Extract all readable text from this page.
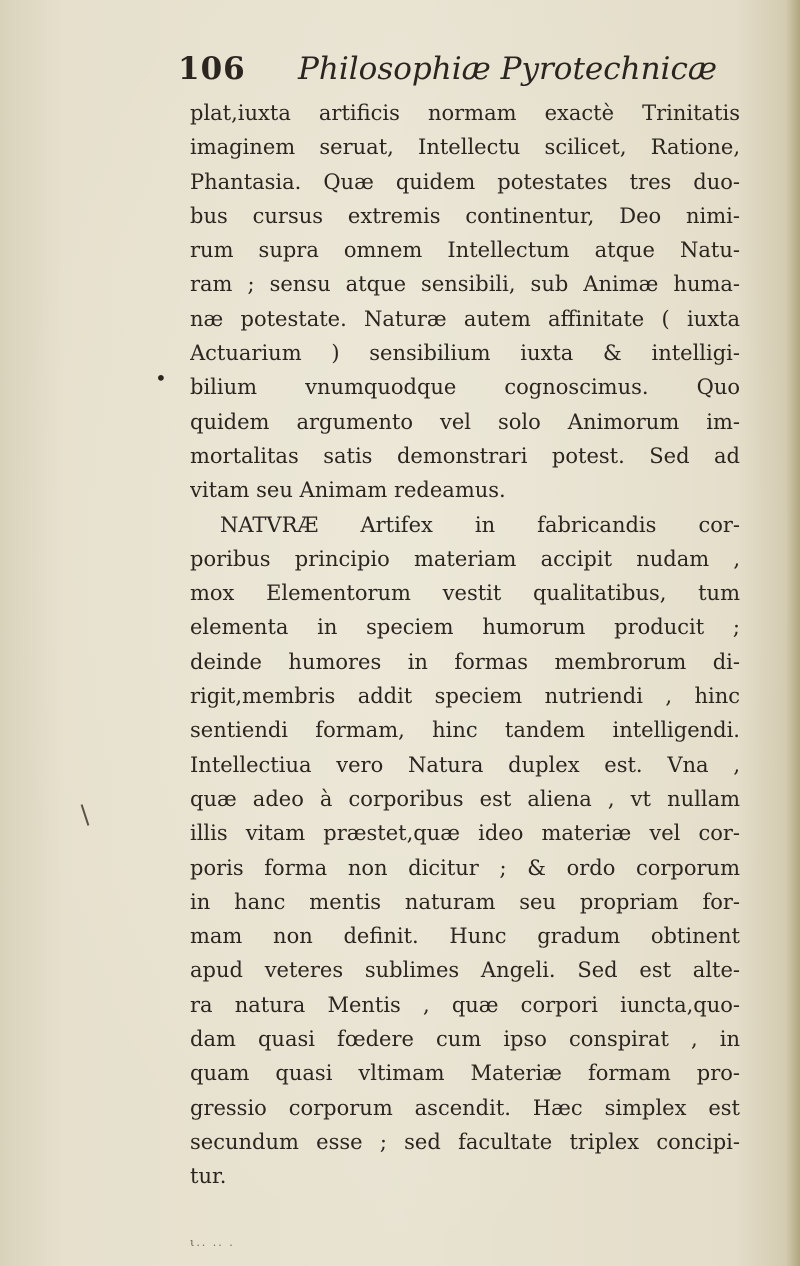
106 Philosophiæ Pyrotechnicæ
•
plat,iuxta artificis normam exactè Trinitatis
imaginem seruat, Intellectu scilicet, Ratione,
Phantasia. Quæ quidem potestates tres duo-
bus cursus extremis continentur, Deo nimi-
rum supra omnem Intellectum atque Natu-
ram ; sensu atque sensibili, sub Animæ huma-
næ potestate. Naturæ autem affinitate ( iuxta
Actuarium ) sensibilium iuxta & intelligi-
bilium vnumquodque cognoscimus. Quo
quidem argumento vel solo Animorum im-
mortalitas satis demonstrari potest. Sed ad
vitam seu Animam redeamus.
NATVRÆ Artifex in fabricandis cor-
poribus principio materiam accipit nudam ,
mox Elementorum vestit qualitatibus, tum
elementa in speciem humorum producit ;
deinde humores in formas membrorum di-
rigit,membris addit speciem nutriendi , hinc
sentiendi formam, hinc tandem intelligendi.
Intellectiua vero Natura duplex est. Vna ,
quæ adeo à corporibus est aliena , vt nullam
illis vitam præstet,quæ ideo materiæ vel cor-
poris forma non dicitur ; & ordo corporum
in hanc mentis naturam seu propriam for-
mam non definit. Hunc gradum obtinent
apud veteres sublimes Angeli. Sed est alte-
ra natura Mentis , quæ corpori iuncta,quo-
dam quasi fœdere cum ipso conspirat , in
quam quasi vltimam Materiæ formam pro-
gressio corporum ascendit. Hæc simplex est
secundum esse ; sed facultate triplex concipi-
tur.
ι.. .. .
